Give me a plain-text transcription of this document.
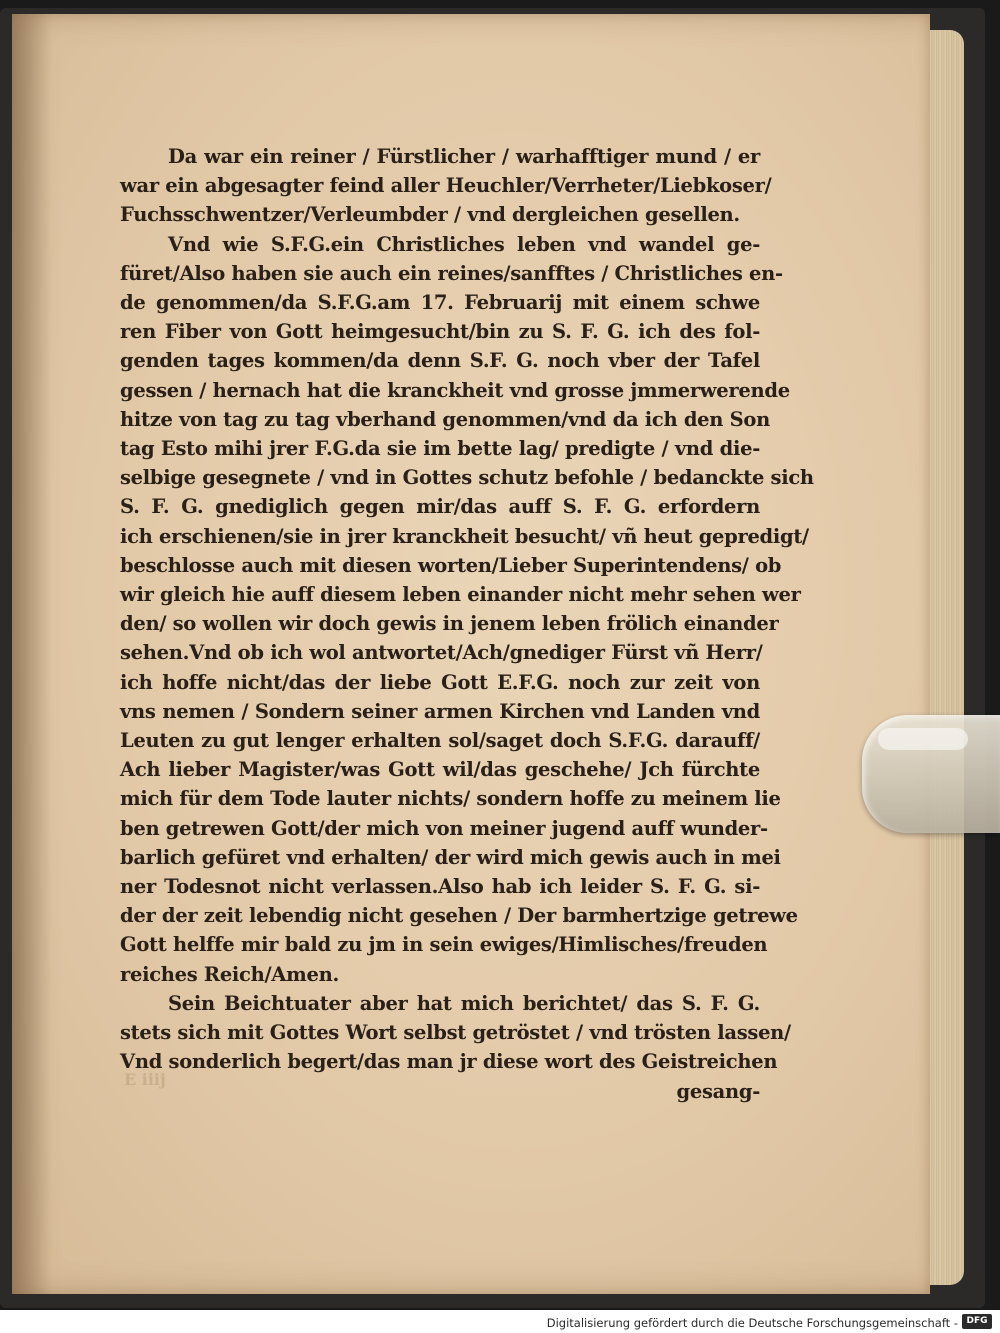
E iiij
Da war ein reiner / Fürstlicher / warhafftiger mund / er
war ein abgesagter feind aller Heuchler/Verrheter/Liebkoser/
Fuchsschwentzer/Verleumbder / vnd dergleichen gesellen.
Vnd wie S.F.G.ein Christliches leben vnd wandel ge-
füret/Also haben sie auch ein reines/sanfftes / Christliches en-
de genommen/da S.F.G.am 17. Februarij mit einem schwe
ren Fiber von Gott heimgesucht/bin zu S. F. G. ich des fol-
genden tages kommen/da denn S.F. G. noch vber der Tafel
gessen / hernach hat die kranckheit vnd grosse jmmerwerende
hitze von tag zu tag vberhand genommen/vnd da ich den Son
tag Esto mihi jrer F.G.da sie im bette lag/ predigte / vnd die-
selbige gesegnete / vnd in Gottes schutz befohle / bedanckte sich
S. F. G. gnediglich gegen mir/das auff S. F. G. erfordern
ich erschienen/sie in jrer kranckheit besucht/ vñ heut gepredigt/
beschlosse auch mit diesen worten/Lieber Superintendens/ ob
wir gleich hie auff diesem leben einander nicht mehr sehen wer
den/ so wollen wir doch gewis in jenem leben frölich einander
sehen.Vnd ob ich wol antwortet/Ach/gnediger Fürst vñ Herr/
ich hoffe nicht/das der liebe Gott E.F.G. noch zur zeit von
vns nemen / Sondern seiner armen Kirchen vnd Landen vnd
Leuten zu gut lenger erhalten sol/saget doch S.F.G. darauff/
Ach lieber Magister/was Gott wil/das geschehe/ Jch fürchte
mich für dem Tode lauter nichts/ sondern hoffe zu meinem lie
ben getrewen Gott/der mich von meiner jugend auff wunder-
barlich gefüret vnd erhalten/ der wird mich gewis auch in mei
ner Todesnot nicht verlassen.Also hab ich leider S. F. G. si-
der der zeit lebendig nicht gesehen / Der barmhertzige getrewe
Gott helffe mir bald zu jm in sein ewiges/Himlisches/freuden
reiches Reich/Amen.
Sein Beichtuater aber hat mich berichtet/ das S. F. G.
stets sich mit Gottes Wort selbst getröstet / vnd trösten lassen/
Vnd sonderlich begert/das man jr diese wort des Geistreichen
gesang-
Digitalisierung gefördert durch die Deutsche Forschungsgemeinschaft - DFG
